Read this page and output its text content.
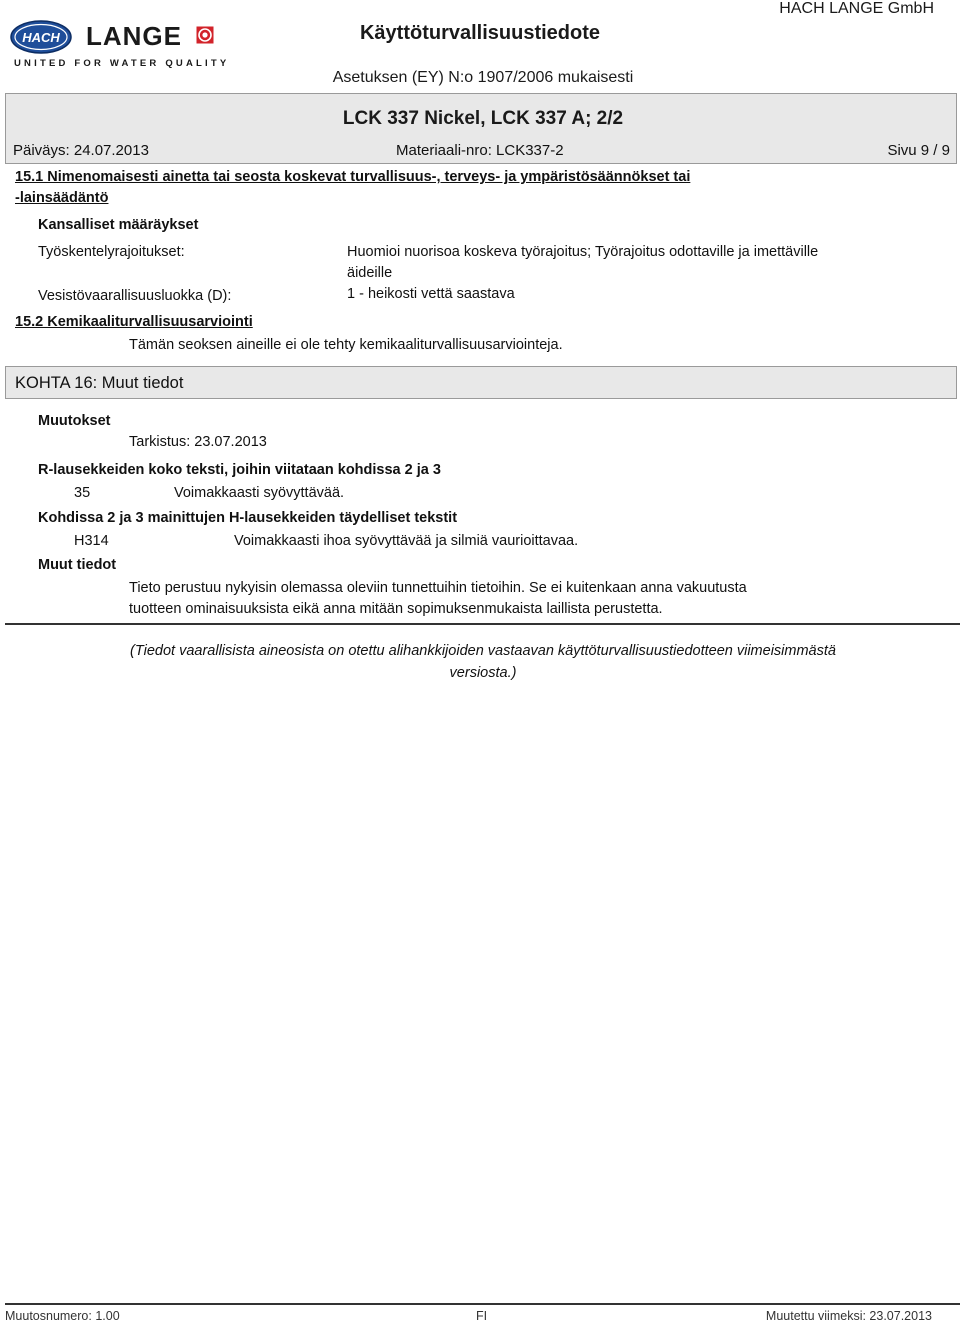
HACH LANGE
UNITED FOR WATER QUALITY
Käyttöturvallisuustiedote
HACH LANGE GmbH
Asetuksen (EY) N:o 1907/2006 mukaisesti
LCK 337 Nickel, LCK 337 A; 2/2
Päiväys: 24.07.2013	Materiaali-nro: LCK337-2	Sivu 9 / 9
15.1 Nimenomaisesti ainetta tai seosta koskevat turvallisuus-, terveys- ja ympäristösäännökset tai
-lainsäädäntö
Kansalliset määräykset
Työskentelyrajoitukset:	Huomioi nuorisoa koskeva työrajoitus; Työrajoitus odottaville ja imettäville
äideille
Vesistövaarallisuusluokka (D):	1 - heikosti vettä saastava
15.2 Kemikaaliturvallisuusarviointi
Tämän seoksen aineille ei ole tehty kemikaaliturvallisuusarviointeja.
KOHTA 16: Muut tiedot
Muutokset
Tarkistus: 23.07.2013
R-lausekkeiden koko teksti, joihin viitataan kohdissa 2 ja 3
35	Voimakkaasti syövyttävää.
Kohdissa 2 ja 3 mainittujen H-lausekkeiden täydelliset tekstit
H314	Voimakkaasti ihoa syövyttävää ja silmiä vaurioittavaa.
Muut tiedot
Tieto perustuu nykyisin olemassa oleviin tunnettuihin tietoihin. Se ei kuitenkaan anna vakuutusta
tuotteen ominaisuuksista eikä anna mitään sopimuksenmukaista laillista perustetta.
(Tiedot vaarallisista aineosista on otettu alihankkijoiden vastaavan käyttöturvallisuustiedotteen viimeisimmästä
versiosta.)
Muutosnumero: 1.00	FI	Muutettu viimeksi: 23.07.2013
